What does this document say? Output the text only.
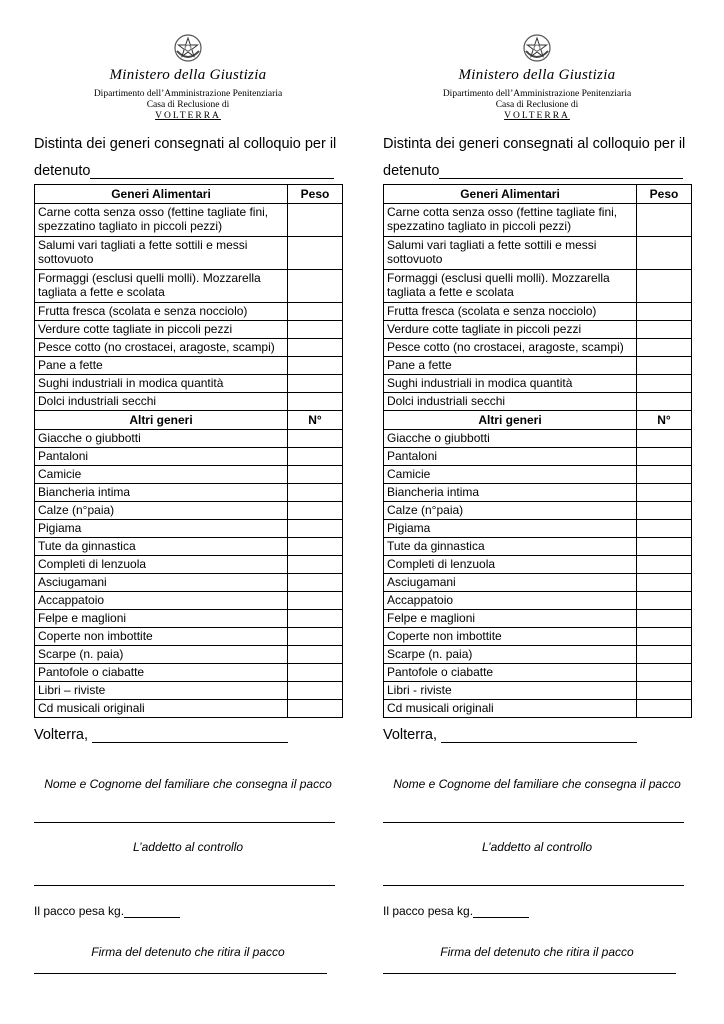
Ministero della Giustizia
Dipartimento dell’Amministrazione Penitenziaria
Casa di Reclusione di
VOLTERRA
Distinta dei generi consegnati al colloquio per il
detenuto
Generi Alimentari	Peso
Carne cotta senza osso (fettine tagliate fini, spezzatino tagliato in piccoli pezzi)	
Salumi vari tagliati a fette sottili e messi sottovuoto	
Formaggi (esclusi quelli molli). Mozzarella tagliata a fette e scolata	
Frutta fresca (scolata e senza nocciolo)	
Verdure cotte tagliate in piccoli pezzi	
Pesce cotto (no crostacei, aragoste, scampi)	
Pane a fette	
Sughi industriali in modica quantità	
Dolci industriali secchi	
Altri generi	N°
Giacche o giubbotti	
Pantaloni	
Camicie	
Biancheria intima	
Calze (n°paia)	
Pigiama	
Tute da ginnastica	
Completi di lenzuola	
Asciugamani	
Accappatoio	
Felpe e maglioni	
Coperte non imbottite	
Scarpe (n. paia)	
Pantofole o ciabatte	
Libri – riviste	
Cd musicali originali	
Volterra,
Nome e Cognome del familiare che consegna il pacco
L’addetto al controllo
Il pacco pesa kg.
Firma del detenuto che ritira il pacco
Ministero della Giustizia
Dipartimento dell’Amministrazione Penitenziaria
Casa di Reclusione di
VOLTERRA
Distinta dei generi consegnati al colloquio per il
detenuto
Generi Alimentari	Peso
Carne cotta senza osso (fettine tagliate fini, spezzatino tagliato in piccoli pezzi)	
Salumi vari tagliati a fette sottili e messi sottovuoto	
Formaggi (esclusi quelli molli). Mozzarella tagliata a fette e scolata	
Frutta fresca (scolata e senza nocciolo)	
Verdure cotte tagliate in piccoli pezzi	
Pesce cotto (no crostacei, aragoste, scampi)	
Pane a fette	
Sughi industriali in modica quantità	
Dolci industriali secchi	
Altri generi	N°
Giacche o giubbotti	
Pantaloni	
Camicie	
Biancheria intima	
Calze (n°paia)	
Pigiama	
Tute da ginnastica	
Completi di lenzuola	
Asciugamani	
Accappatoio	
Felpe e maglioni	
Coperte non imbottite	
Scarpe (n. paia)	
Pantofole o ciabatte	
Libri - riviste	
Cd musicali originali	
Volterra,
Nome e Cognome del familiare che consegna il pacco
L’addetto al controllo
Il pacco pesa kg.
Firma del detenuto che ritira il pacco
